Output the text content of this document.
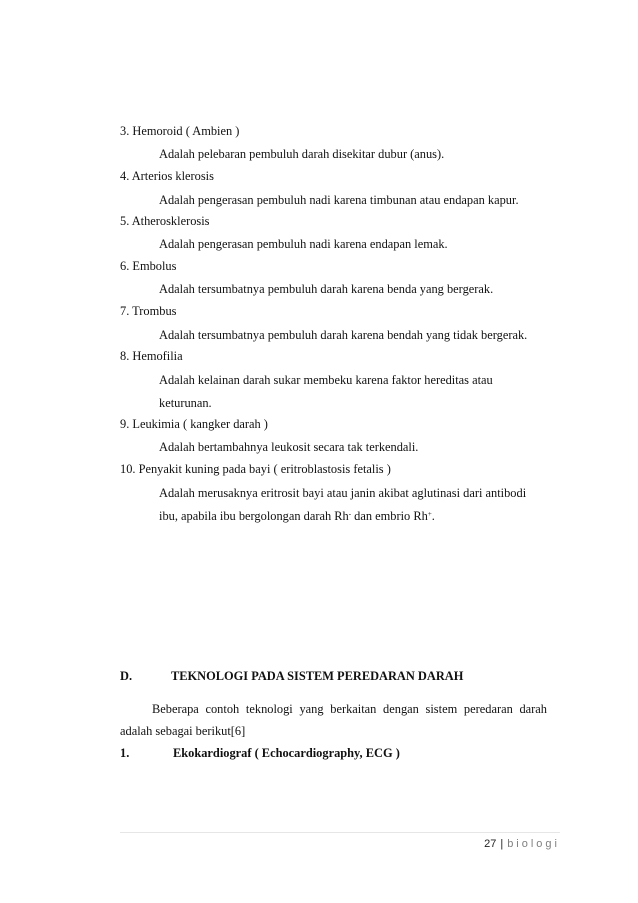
3. Hemoroid ( Ambien )
Adalah pelebaran pembuluh darah disekitar dubur (anus).
4. Arterios klerosis
Adalah pengerasan pembuluh nadi karena timbunan atau endapan kapur.
5. Atherosklerosis
Adalah pengerasan pembuluh nadi karena endapan lemak.
6. Embolus
Adalah tersumbatnya pembuluh darah karena benda yang bergerak.
7. Trombus
Adalah tersumbatnya pembuluh darah karena bendah yang tidak bergerak.
8. Hemofilia
Adalah kelainan darah sukar membeku karena faktor hereditas atau
keturunan.
9. Leukimia ( kangker darah )
Adalah bertambahnya leukosit secara tak terkendali.
10. Penyakit kuning pada bayi ( eritroblastosis fetalis )
Adalah merusaknya eritrosit bayi atau janin akibat aglutinasi dari antibodi
ibu, apabila ibu bergolongan darah Rh- dan embrio Rh+.
D.	TEKNOLOGI PADA SISTEM PEREDARAN DARAH
Beberapa contoh teknologi yang berkaitan dengan sistem peredaran darah adalah sebagai berikut[6]
1.	Ekokardiograf ( Echocardiography, ECG )
27 | biologi
